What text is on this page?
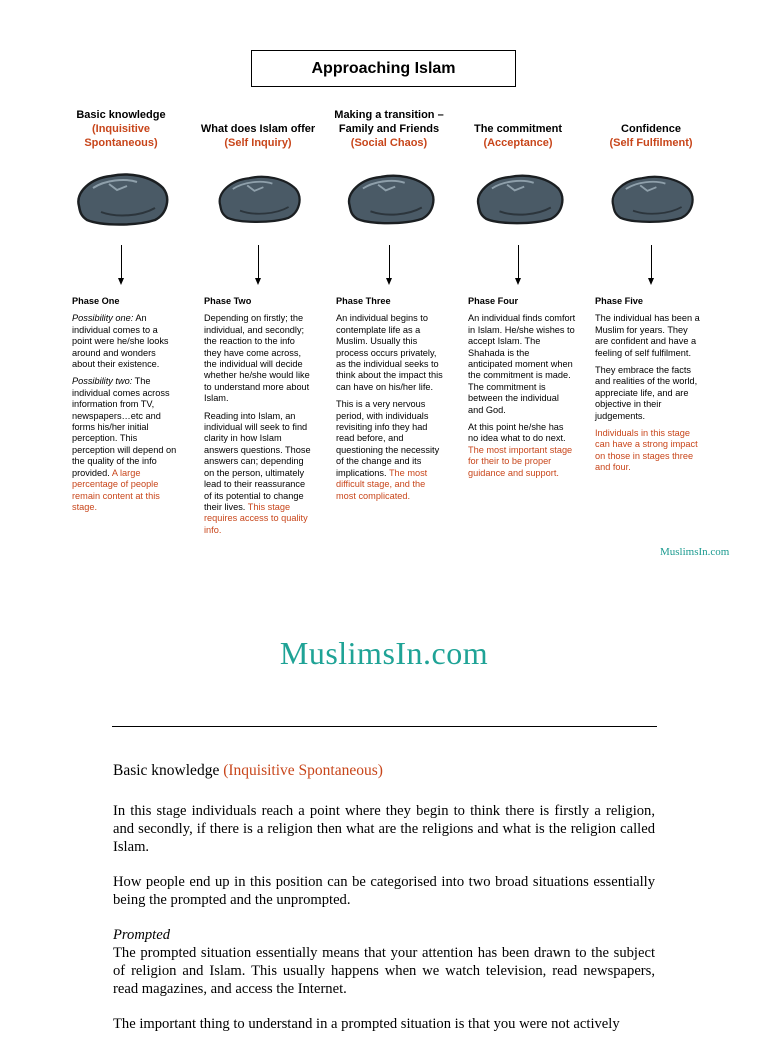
Approaching Islam
Basic knowledge
(Inquisitive Spontaneous)
What does Islam offer
(Self Inquiry)
Making a transition –
Family and Friends
(Social Chaos)
The commitment
(Acceptance)
Confidence
(Self Fulfilment)
Phase One

Possibility one: An individual comes to a point were he/she looks around and wonders about their existence.

Possibility two: The individual comes across information from TV, newspapers…etc and forms his/her initial perception. This perception will depend on the quality of the info provided. A large percentage of people remain content at this stage.

Phase Two

Depending on firstly; the individual, and secondly; the reaction to the info they have come across, the individual will decide whether he/she would like to understand more about Islam.

Reading into Islam, an individual will seek to find clarity in how Islam answers questions. Those answers can; depending on the person, ultimately lead to their reassurance of its potential to change their lives. This stage requires access to quality info.

Phase Three

An individual begins to contemplate life as a Muslim. Usually this process occurs privately, as the individual seeks to think about the impact this can have on his/her life.

This is a very nervous period, with individuals revisiting info they had read before, and questioning the necessity of the change and its implications. The most difficult stage, and the most complicated.

Phase Four

An individual finds comfort in Islam. He/she wishes to accept Islam. The Shahada is the anticipated moment when the commitment is made. The commitment is between the individual and God.

At this point he/she has no idea what to do next. The most important stage for their to be proper guidance and support.

Phase Five

The individual has been a Muslim for years. They are confident and have a feeling of self fulfilment.

They embrace the facts and realities of the world, appreciate life, and are objective in their judgements.

Individuals in this stage can have a strong impact on those in stages three and four.

MuslimsIn.com
MuslimsIn.com
Basic knowledge (Inquisitive Spontaneous)

In this stage individuals reach a point where they begin to think there is firstly a religion, and secondly, if there is a religion then what are the religions and what is the religion called Islam.

How people end up in this position can be categorised into two broad situations essentially being the prompted and the unprompted.

Prompted

The prompted situation essentially means that your attention has been drawn to the subject of religion and Islam. This usually happens when we watch television, read newspapers, read magazines, and access the Internet.

The important thing to understand in a prompted situation is that you were not actively
